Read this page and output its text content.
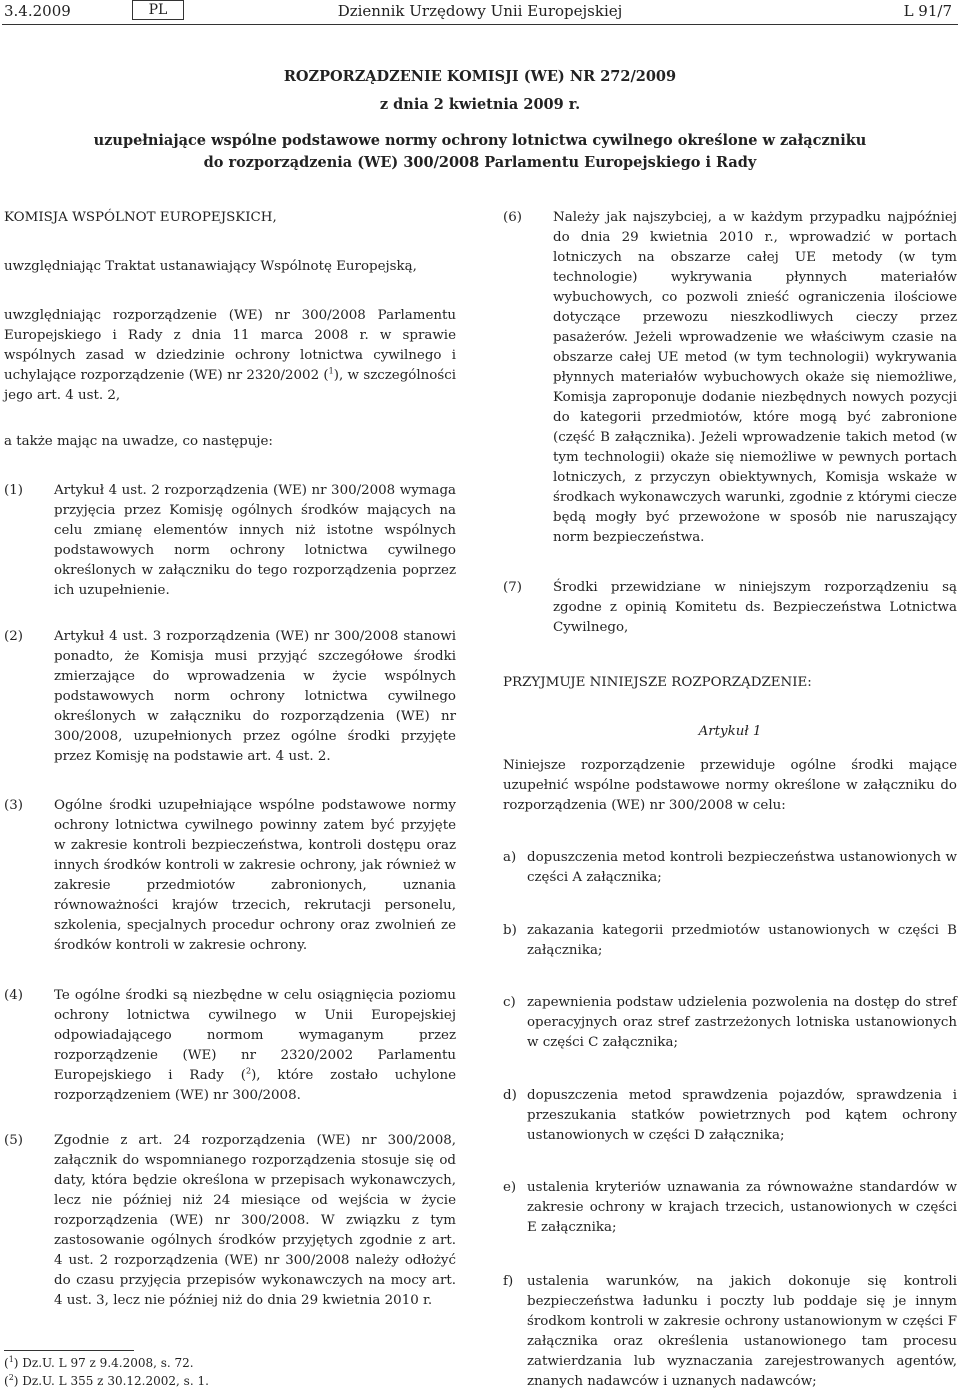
3.4.2009	PL	Dziennik Urzędowy Unii Europejskiej	L 91/7
ROZPORZĄDZENIE KOMISJI (WE) NR 272/2009
z dnia 2 kwietnia 2009 r.
uzupełniające wspólne podstawowe normy ochrony lotnictwa cywilnego określone w załączniku
do rozporządzenia (WE) 300/2008 Parlamentu Europejskiego i Rady
KOMISJA WSPÓLNOT EUROPEJSKICH,
uwzględniając Traktat ustanawiający Wspólnotę Europejską,
uwzględniając rozporządzenie (WE) nr 300/2008 Parlamentu Europejskiego i Rady z dnia 11 marca 2008 r. w sprawie wspólnych zasad w dziedzinie ochrony lotnictwa cywilnego i uchylające rozporządzenie (WE) nr 2320/2002 ($^1$), w szczególności jego art. 4 ust. 2,
a także mając na uwadze, co następuje:
(1) Artykuł 4 ust. 2 rozporządzenia (WE) nr 300/2008 wymaga przyjęcia przez Komisję ogólnych środków mających na celu zmianę elementów innych niż istotne wspólnych podstawowych norm ochrony lotnictwa cywilnego określonych w załączniku do tego rozporządzenia poprzez ich uzupełnienie.
(2) Artykuł 4 ust. 3 rozporządzenia (WE) nr 300/2008 stanowi ponadto, że Komisja musi przyjąć szczegółowe środki zmierzające do wprowadzenia w życie wspólnych podstawowych norm ochrony lotnictwa cywilnego określonych w załączniku do rozporządzenia (WE) nr 300/2008, uzupełnionych przez ogólne środki przyjęte przez Komisję na podstawie art. 4 ust. 2.
(3) Ogólne środki uzupełniające wspólne podstawowe normy ochrony lotnictwa cywilnego powinny zatem być przyjęte w zakresie kontroli bezpieczeństwa, kontroli dostępu oraz innych środków kontroli w zakresie ochrony, jak również w zakresie przedmiotów zabronionych, uznania równoważności krajów trzecich, rekrutacji personelu, szkolenia, specjalnych procedur ochrony oraz zwolnień ze środków kontroli w zakresie ochrony.
(4) Te ogólne środki są niezbędne w celu osiągnięcia poziomu ochrony lotnictwa cywilnego w Unii Europejskiej odpowiadającego normom wymaganym przez rozporządzenie (WE) nr 2320/2002 Parlamentu Europejskiego i Rady ($^2$), które zostało uchylone rozporządzeniem (WE) nr 300/2008.
(5) Zgodnie z art. 24 rozporządzenia (WE) nr 300/2008, załącznik do wspomnianego rozporządzenia stosuje się od daty, która będzie określona w przepisach wykonawczych, lecz nie później niż 24 miesiące od wejścia w życie rozporządzenia (WE) nr 300/2008. W związku z tym zastosowanie ogólnych środków przyjętych zgodnie z art. 4 ust. 2 rozporządzenia (WE) nr 300/2008 należy odłożyć do czasu przyjęcia przepisów wykonawczych na mocy art. 4 ust. 3, lecz nie później niż do dnia 29 kwietnia 2010 r.
($^1$) Dz.U. L 97 z 9.4.2008, s. 72.
($^2$) Dz.U. L 355 z 30.12.2002, s. 1.
(6) Należy jak najszybciej, a w każdym przypadku najpóźniej do dnia 29 kwietnia 2010 r., wprowadzić w portach lotniczych na obszarze całej UE metody (w tym technologie) wykrywania płynnych materiałów wybuchowych, co pozwoli znieść ograniczenia ilościowe dotyczące przewozu nieszkodliwych cieczy przez pasażerów. Jeżeli wprowadzenie we właściwym czasie na obszarze całej UE metod (w tym technologii) wykrywania płynnych materiałów wybuchowych okaże się niemożliwe, Komisja zaproponuje dodanie niezbędnych nowych pozycji do kategorii przedmiotów, które mogą być zabronione (część B załącznika). Jeżeli wprowadzenie takich metod (w tym technologii) okaże się niemożliwe w pewnych portach lotniczych, z przyczyn obiektywnych, Komisja wskaże w środkach wykonawczych warunki, zgodnie z którymi ciecze będą mogły być przewożone w sposób nie naruszający norm bezpieczeństwa.
(7) Środki przewidziane w niniejszym rozporządzeniu są zgodne z opinią Komitetu ds. Bezpieczeństwa Lotnictwa Cywilnego,
PRZYJMUJE NINIEJSZE ROZPORZĄDZENIE:
Artykuł 1
Niniejsze rozporządzenie przewiduje ogólne środki mające uzupełnić wspólne podstawowe normy określone w załączniku do rozporządzenia (WE) nr 300/2008 w celu:
a) dopuszczenia metod kontroli bezpieczeństwa ustanowionych w części A załącznika;
b) zakazania kategorii przedmiotów ustanowionych w części B załącznika;
c) zapewnienia podstaw udzielenia pozwolenia na dostęp do stref operacyjnych oraz stref zastrzeżonych lotniska ustanowionych w części C załącznika;
d) dopuszczenia metod sprawdzenia pojazdów, sprawdzenia i przeszukania statków powietrznych pod kątem ochrony ustanowionych w części D załącznika;
e) ustalenia kryteriów uznawania za równoważne standardów w zakresie ochrony w krajach trzecich, ustanowionych w części E załącznika;
f) ustalenia warunków, na jakich dokonuje się kontroli bezpieczeństwa ładunku i poczty lub poddaje się je innym środkom kontroli w zakresie ochrony ustanowionym w części F załącznika oraz określenia ustanowionego tam procesu zatwierdzania lub wyznaczania zarejestrowanych agentów, znanych nadawców i uznanych nadawców;
